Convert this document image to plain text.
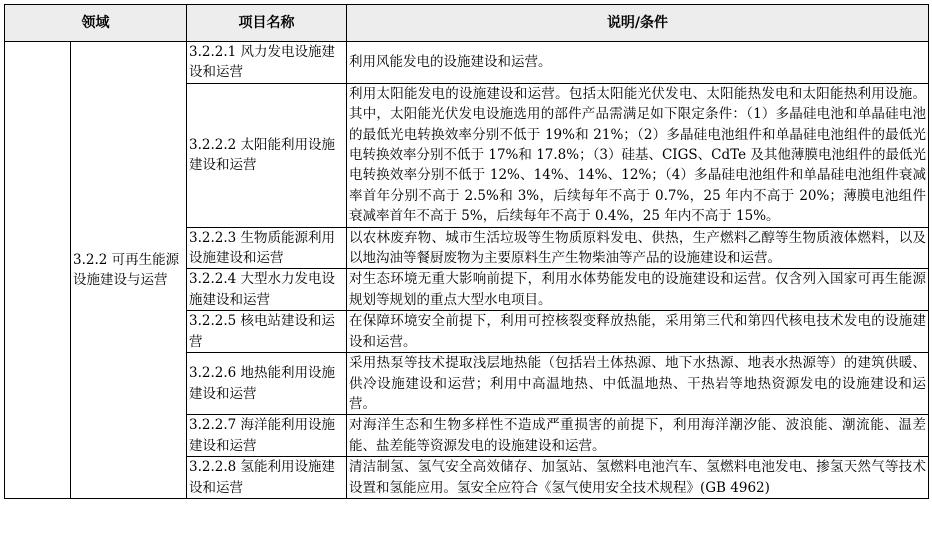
领域		项目名称	说明/条件
	3.2.2 可再生能源设施建设与运营	3.2.2.1 风力发电设施建设和运营	利用风能发电的设施建设和运营。
		3.2.2.2 太阳能利用设施建设和运营	利用太阳能发电的设施建设和运营。包括太阳能光伏发电、太阳能热发电和太阳能热利用设施。其中，太阳能光伏发电设施选用的部件产品需满足如下限定条件：（1）多晶硅电池和单晶硅电池的最低光电转换效率分别不低于 19%和 21%；（2）多晶硅电池组件和单晶硅电池组件的最低光电转换效率分别不低于 17%和 17.8%；（3）硅基、CIGS、CdTe 及其他薄膜电池组件的最低光电转换效率分别不低于 12%、14%、14%、12%；（4）多晶硅电池组件和单晶硅电池组件衰减率首年分别不高于 2.5%和 3%，后续每年不高于 0.7%，25 年内不高于 20%；薄膜电池组件衰减率首年不高于 5%，后续每年不高于 0.4%，25 年内不高于 15%。
		3.2.2.3 生物质能源利用设施建设和运营	以农林废弃物、城市生活垃圾等生物质原料发电、供热，生产燃料乙醇等生物质液体燃料，以及以地沟油等餐厨废物为主要原料生产生物柴油等产品的设施建设和运营。
		3.2.2.4 大型水力发电设施建设和运营	对生态环境无重大影响前提下，利用水体势能发电的设施建设和运营。仅含列入国家可再生能源规划等规划的重点大型水电项目。
		3.2.2.5 核电站建设和运营	在保障环境安全前提下，利用可控核裂变释放热能，采用第三代和第四代核电技术发电的设施建设和运营。
		3.2.2.6 地热能利用设施建设和运营	采用热泵等技术提取浅层地热能（包括岩土体热源、地下水热源、地表水热源等）的建筑供暖、供冷设施建设和运营；利用中高温地热、中低温地热、干热岩等地热资源发电的设施建设和运营。
		3.2.2.7 海洋能利用设施建设和运营	对海洋生态和生物多样性不造成严重损害的前提下，利用海洋潮汐能、波浪能、潮流能、温差能、盐差能等资源发电的设施建设和运营。
		3.2.2.8 氢能利用设施建设和运营	清洁制氢、氢气安全高效储存、加氢站、氢燃料电池汽车、氢燃料电池发电、掺氢天然气等技术设置和氢能应用。氢安全应符合《氢气使用安全技术规程》(GB 4962)
